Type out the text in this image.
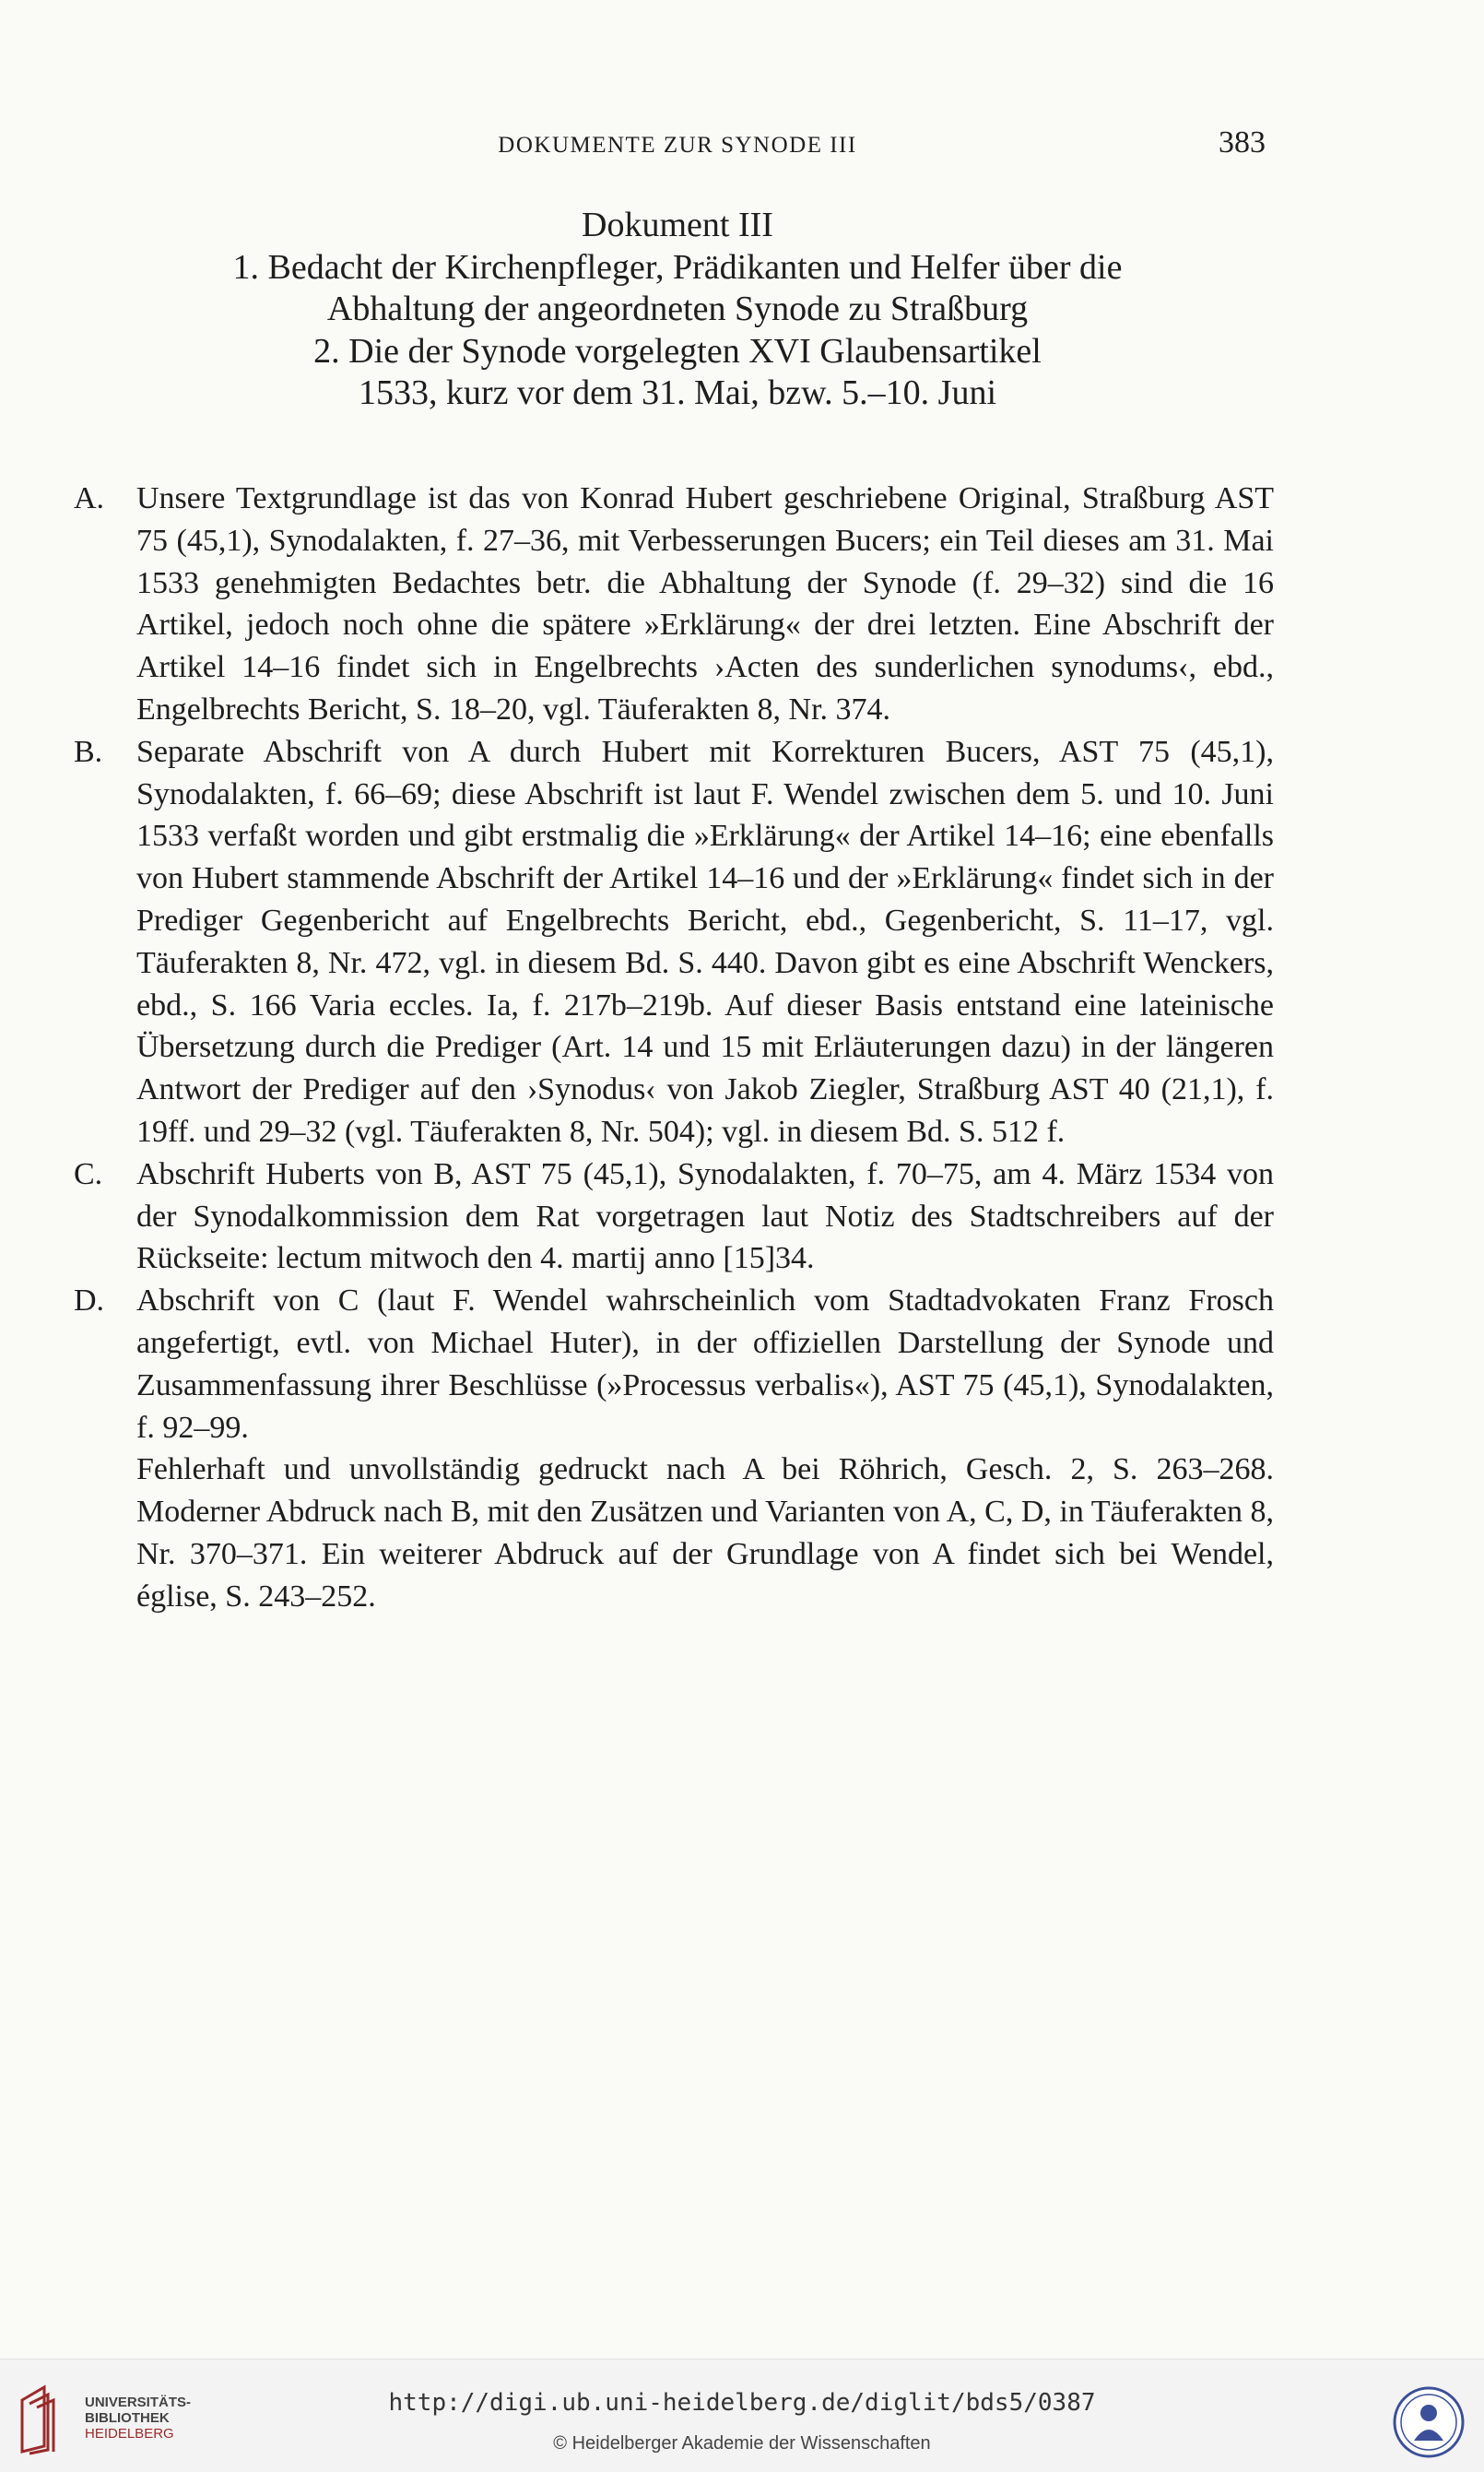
DOKUMENTE ZUR SYNODE III	383
Dokument III
1. Bedacht der Kirchenpfleger, Prädikanten und Helfer über die
Abhaltung der angeordneten Synode zu Straßburg
2. Die der Synode vorgelegten XVI Glaubensartikel
1533, kurz vor dem 31. Mai, bzw. 5.–10. Juni
A. Unsere Textgrundlage ist das von Konrad Hubert geschriebene Original, Straßburg AST 75 (45,1), Synodalakten, f. 27–36, mit Verbesserungen Bucers; ein Teil dieses am 31. Mai 1533 genehmigten Bedachtes betr. die Abhaltung der Synode (f. 29–32) sind die 16 Artikel, jedoch noch ohne die spätere »Erklärung« der drei letzten. Eine Abschrift der Artikel 14–16 findet sich in Engelbrechts ›Acten des sunderlichen synodums‹, ebd., Engelbrechts Bericht, S. 18–20, vgl. Täuferakten 8, Nr. 374.
B. Separate Abschrift von A durch Hubert mit Korrekturen Bucers, AST 75 (45,1), Synodalakten, f. 66–69; diese Abschrift ist laut F. Wendel zwischen dem 5. und 10. Juni 1533 verfaßt worden und gibt erstmalig die »Erklärung« der Artikel 14–16; eine ebenfalls von Hubert stammende Abschrift der Artikel 14–16 und der »Erklärung« findet sich in der Prediger Gegenbericht auf Engelbrechts Bericht, ebd., Gegenbericht, S. 11–17, vgl. Täuferakten 8, Nr. 472, vgl. in diesem Bd. S. 440. Davon gibt es eine Abschrift Wenckers, ebd., S. 166 Varia eccles. Ia, f. 217b–219b. Auf dieser Basis entstand eine lateinische Übersetzung durch die Prediger (Art. 14 und 15 mit Erläuterungen dazu) in der längeren Antwort der Prediger auf den ›Synodus‹ von Jakob Ziegler, Straßburg AST 40 (21,1), f. 19ff. und 29–32 (vgl. Täuferakten 8, Nr. 504); vgl. in diesem Bd. S. 512 f.
C. Abschrift Huberts von B, AST 75 (45,1), Synodalakten, f. 70–75, am 4. März 1534 von der Synodalkommission dem Rat vorgetragen laut Notiz des Stadtschreibers auf der Rückseite: lectum mitwoch den 4. martij anno [15]34.
D. Abschrift von C (laut F. Wendel wahrscheinlich vom Stadtadvokaten Franz Frosch angefertigt, evtl. von Michael Huter), in der offiziellen Darstellung der Synode und Zusammenfassung ihrer Beschlüsse (»Processus verbalis«), AST 75 (45,1), Synodalakten, f. 92–99.
Fehlerhaft und unvollständig gedruckt nach A bei Röhrich, Gesch. 2, S. 263–268. Moderner Abdruck nach B, mit den Zusätzen und Varianten von A, C, D, in Täuferakten 8, Nr. 370–371. Ein weiterer Abdruck auf der Grundlage von A findet sich bei Wendel, église, S. 243–252.
UNIVERSITÄTS-
BIBLIOTHEK
HEIDELBERG
http://digi.ub.uni-heidelberg.de/diglit/bds5/0387
© Heidelberger Akademie der Wissenschaften
